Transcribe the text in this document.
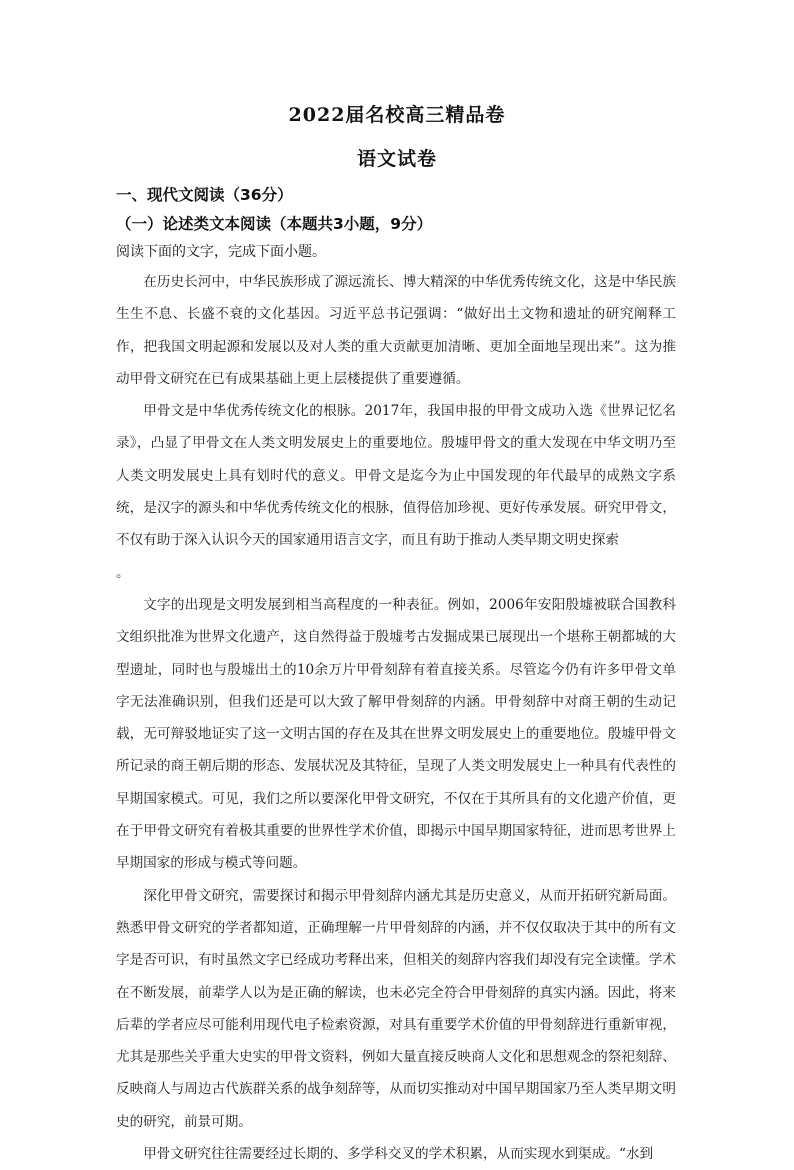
2022届名校高三精品卷
语文试卷
一、现代文阅读（36分）
（一）论述类文本阅读（本题共3小题，9分）
阅读下面的文字，完成下面小题。

在历史长河中，中华民族形成了源远流长、博大精深的中华优秀传统文化，这是中华民族生生不息、长盛不衰的文化基因。习近平总书记强调：“做好出土文物和遗址的研究阐释工作，把我国文明起源和发展以及对人类的重大贡献更加清晰、更加全面地呈现出来”。这为推动甲骨文研究在已有成果基础上更上层楼提供了重要遵循。

甲骨文是中华优秀传统文化的根脉。2017年，我国申报的甲骨文成功入选《世界记忆名录》，凸显了甲骨文在人类文明发展史上的重要地位。殷墟甲骨文的重大发现在中华文明乃至人类文明发展史上具有划时代的意义。甲骨文是迄今为止中国发现的年代最早的成熟文字系统，是汉字的源头和中华优秀传统文化的根脉，值得倍加珍视、更好传承发展。研究甲骨文，不仅有助于深入认识今天的国家通用语言文字，而且有助于推动人类早期文明史探索

。

文字的出现是文明发展到相当高程度的一种表征。例如，2006年安阳殷墟被联合国教科文组织批准为世界文化遗产，这自然得益于殷墟考古发掘成果已展现出一个堪称王朝都城的大型遗址，同时也与殷墟出土的10余万片甲骨刻辞有着直接关系。尽管迄今仍有许多甲骨文单字无法准确识别，但我们还是可以大致了解甲骨刻辞的内涵。甲骨刻辞中对商王朝的生动记载，无可辩驳地证实了这一文明古国的存在及其在世界文明发展史上的重要地位。殷墟甲骨文所记录的商王朝后期的形态、发展状况及其特征，呈现了人类文明发展史上一种具有代表性的早期国家模式。可见，我们之所以要深化甲骨文研究，不仅在于其所具有的文化遗产价值，更在于甲骨文研究有着极其重要的世界性学术价值，即揭示中国早期国家特征，进而思考世界上早期国家的形成与模式等问题。

深化甲骨文研究，需要探讨和揭示甲骨刻辞内涵尤其是历史意义，从而开拓研究新局面。熟悉甲骨文研究的学者都知道，正确理解一片甲骨刻辞的内涵，并不仅仅取决于其中的所有文字是否可识，有时虽然文字已经成功考释出来，但相关的刻辞内容我们却没有完全读懂。学术在不断发展，前辈学人以为是正确的解读，也未必完全符合甲骨刻辞的真实内涵。因此，将来后辈的学者应尽可能利用现代电子检索资源，对具有重要学术价值的甲骨刻辞进行重新审视，尤其是那些关乎重大史实的甲骨文资料，例如大量直接反映商人文化和思想观念的祭祀刻辞、反映商人与周边古代族群关系的战争刻辞等，从而切实推动对中国早期国家乃至人类早期文明史的研究，前景可期。

甲骨文研究往往需要经过长期的、多学科交叉的学术积累，从而实现水到渠成。“水到
